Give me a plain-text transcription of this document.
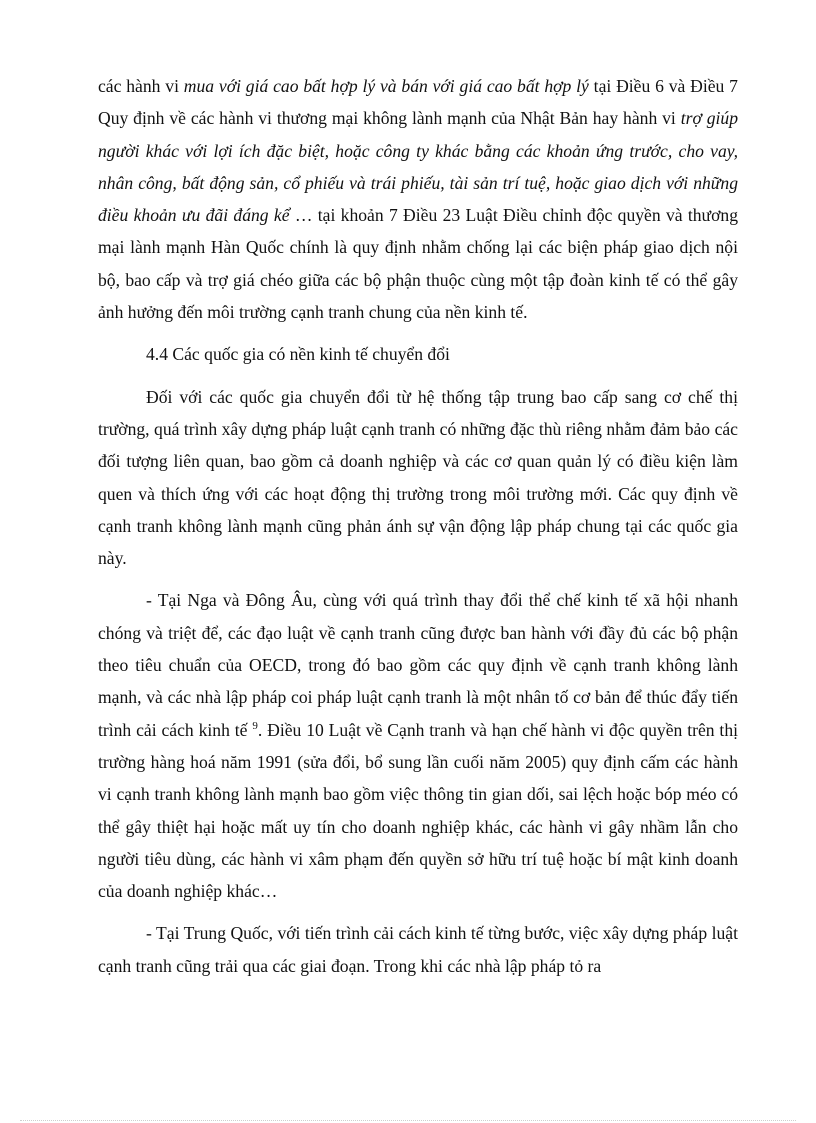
các hành vi mua với giá cao bất hợp lý và bán với giá cao bất hợp lý tại Điều 6 và Điều 7 Quy định về các hành vi thương mại không lành mạnh của Nhật Bản hay hành vi trợ giúp người khác với lợi ích đặc biệt, hoặc công ty khác bằng các khoản ứng trước, cho vay, nhân công, bất động sản, cổ phiếu và trái phiếu, tài sản trí tuệ, hoặc giao dịch với những điều khoản ưu đãi đáng kể … tại khoản 7 Điều 23 Luật Điều chỉnh độc quyền và thương mại lành mạnh Hàn Quốc chính là quy định nhằm chống lại các biện pháp giao dịch nội bộ, bao cấp và trợ giá chéo giữa các bộ phận thuộc cùng một tập đoàn kinh tế có thể gây ảnh hưởng đến môi trường cạnh tranh chung của nền kinh tế.

4.4 Các quốc gia có nền kinh tế chuyển đổi

Đối với các quốc gia chuyển đổi từ hệ thống tập trung bao cấp sang cơ chế thị trường, quá trình xây dựng pháp luật cạnh tranh có những đặc thù riêng nhằm đảm bảo các đối tượng liên quan, bao gồm cả doanh nghiệp và các cơ quan quản lý có điều kiện làm quen và thích ứng với các hoạt động thị trường trong môi trường mới. Các quy định về cạnh tranh không lành mạnh cũng phản ánh sự vận động lập pháp chung tại các quốc gia này.

- Tại Nga và Đông Âu, cùng với quá trình thay đổi thể chế kinh tế xã hội nhanh chóng và triệt để, các đạo luật về cạnh tranh cũng được ban hành với đầy đủ các bộ phận theo tiêu chuẩn của OECD, trong đó bao gồm các quy định về cạnh tranh không lành mạnh, và các nhà lập pháp coi pháp luật cạnh tranh là một nhân tố cơ bản để thúc đẩy tiến trình cải cách kinh tế $^9$. Điều 10 Luật về Cạnh tranh và hạn chế hành vi độc quyền trên thị trường hàng hoá năm 1991 (sửa đổi, bổ sung lần cuối năm 2005) quy định cấm các hành vi cạnh tranh không lành mạnh bao gồm việc thông tin gian dối, sai lệch hoặc bóp méo có thể gây thiệt hại hoặc mất uy tín cho doanh nghiệp khác, các hành vi gây nhầm lẫn cho người tiêu dùng, các hành vi xâm phạm đến quyền sở hữu trí tuệ hoặc bí mật kinh doanh của doanh nghiệp khác…

- Tại Trung Quốc, với tiến trình cải cách kinh tế từng bước, việc xây dựng pháp luật cạnh tranh cũng trải qua các giai đoạn. Trong khi các nhà lập pháp tỏ ra
